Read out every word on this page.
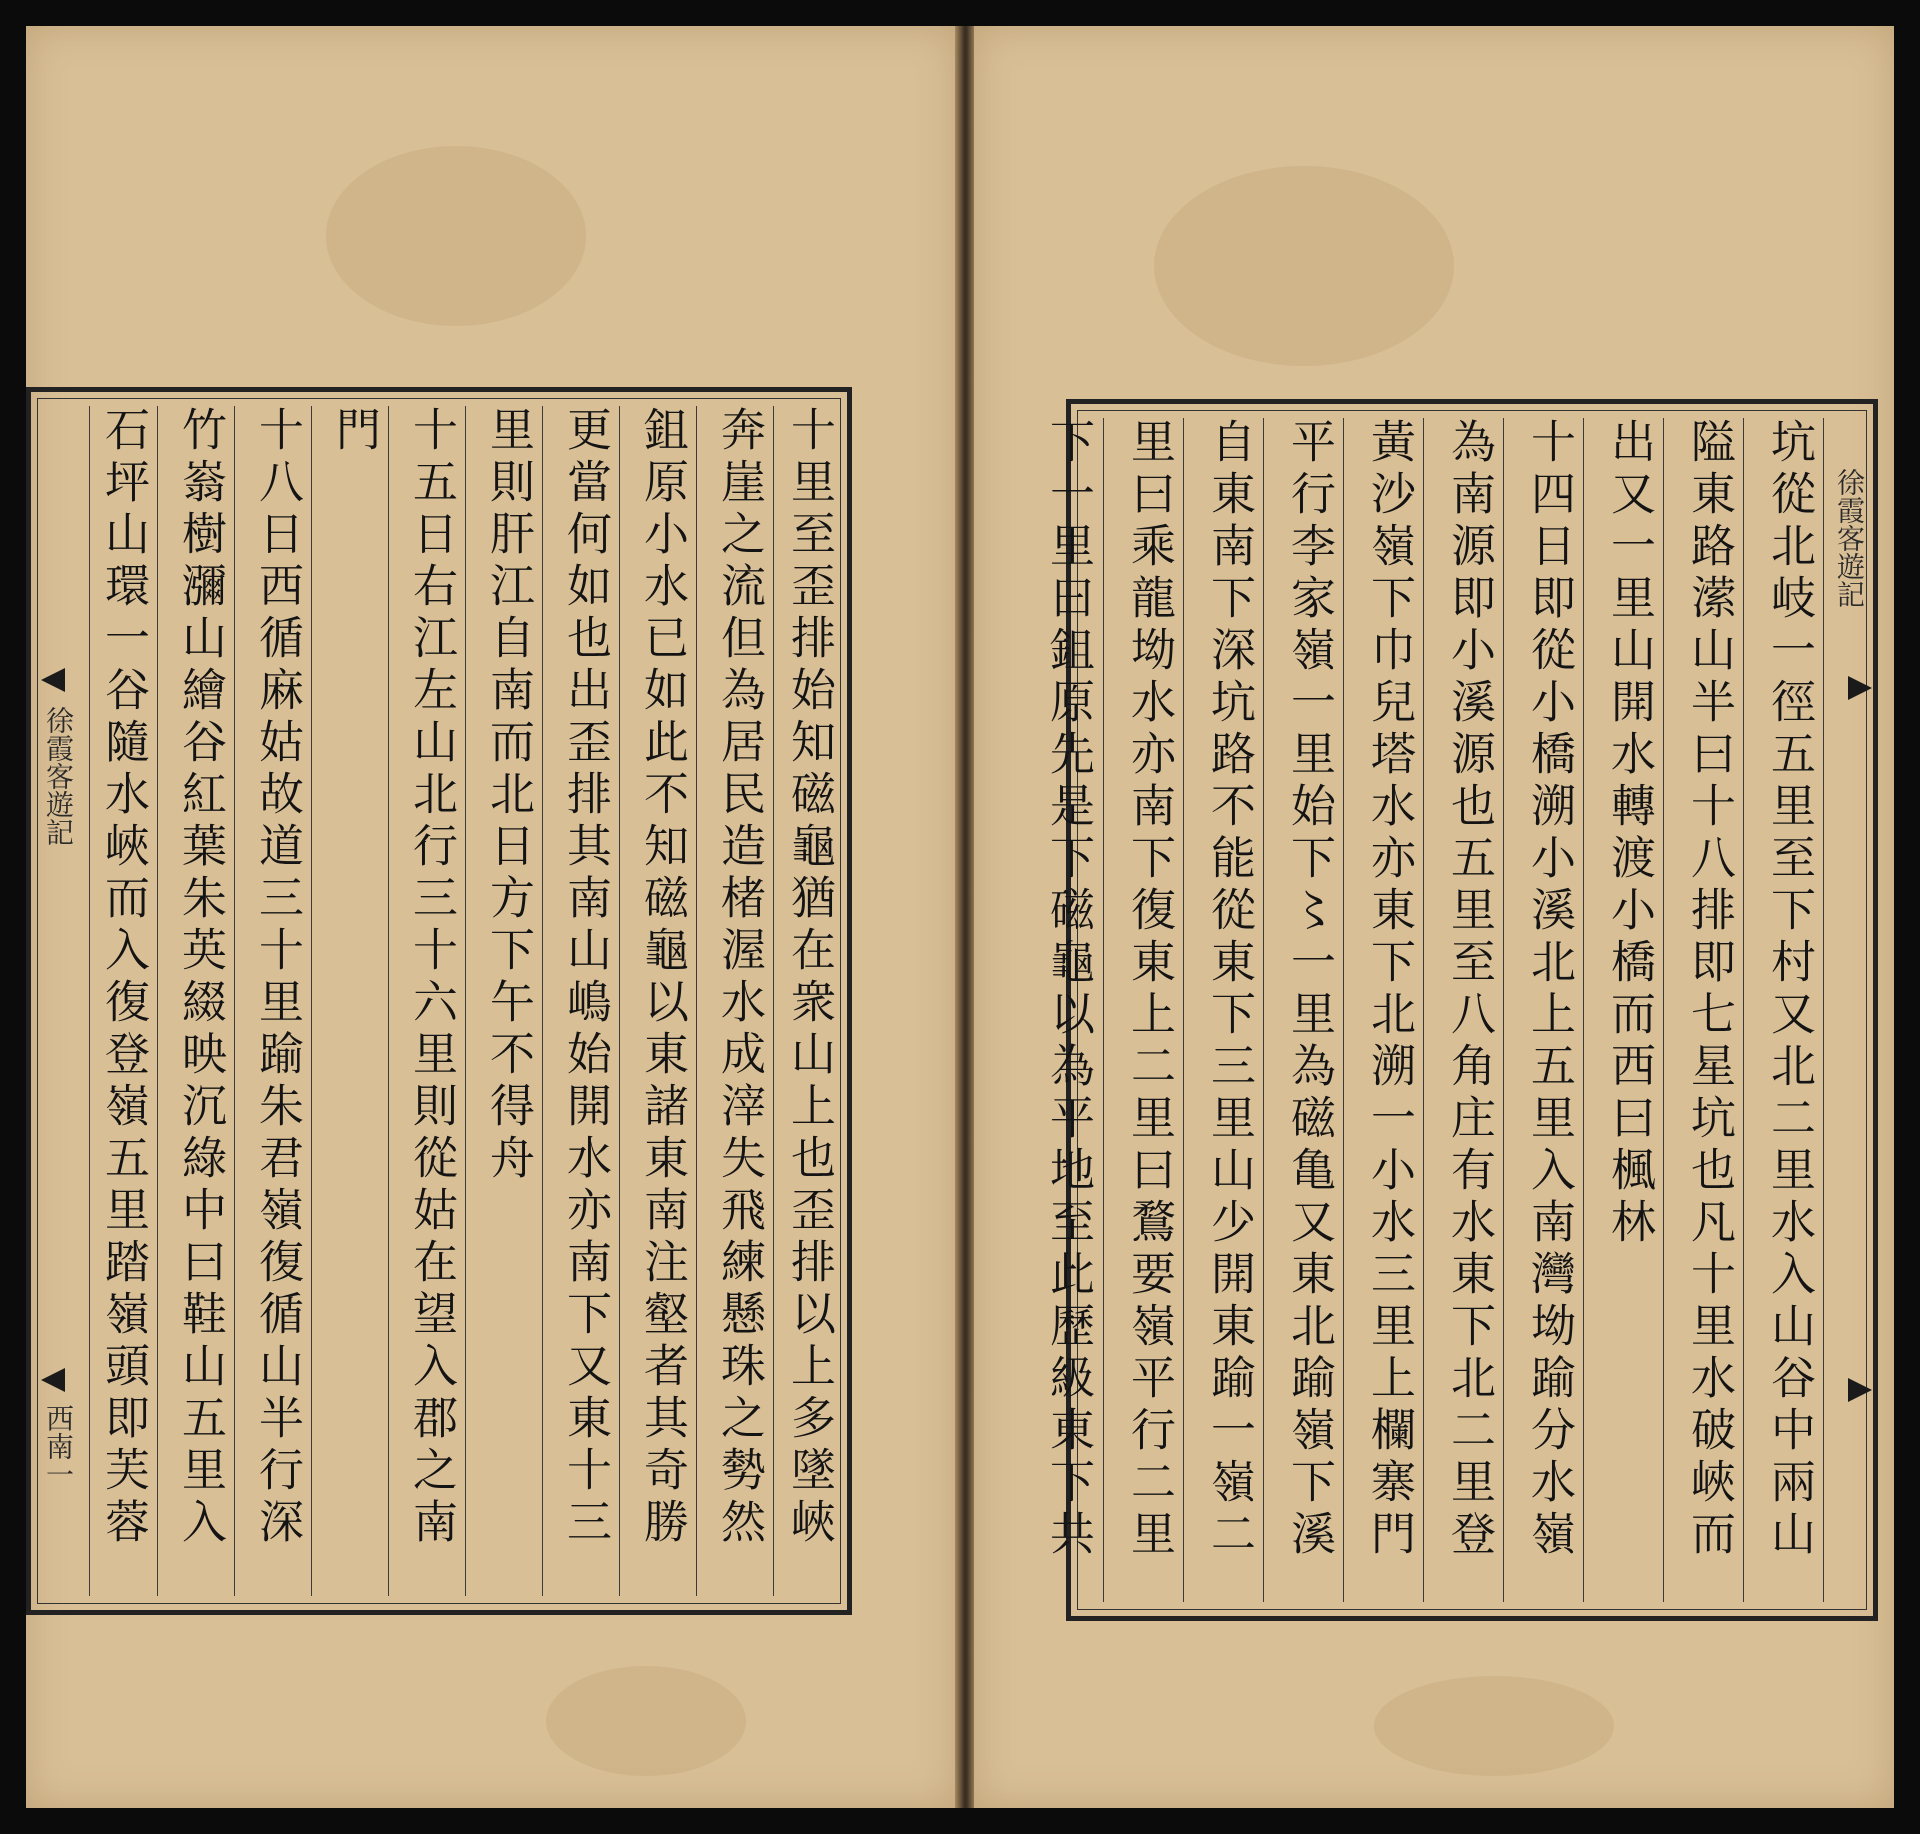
徐霞客遊記
西南一	十里至歪排始知磁龜猶在衆山上也歪排以上多墜峽
奔崖之流但為居民造楮渥水成滓失飛練懸珠之勢然
鉏原小水已如此不知磁龜以東諸東南注壑者其奇勝
更當何如也出歪排其南山嶋始開水亦南下又東十三
里則肝江自南而北日方下午不得舟
十五日右江左山北行三十六里則從姑在望入郡之南
門
十八日西循麻姑故道三十里踰朱君嶺復循山半行深
竹嵡樹瀰山繪谷紅葉朱英綴映沉綠中曰鞋山五里入
石坪山環一谷隨水峽而入復登嶺五里踏嶺頭即芙蓉	徐霞客遊記
坑從北岐一徑五里至下村又北二里水入山谷中兩山
隘東路潆山半曰十八排即七星坑也凡十里水破峽而
出又一里山開水轉渡小橋而西曰楓林
十四日即從小橋溯小溪北上五里入南灣坳踰分水嶺
為南源即小溪源也五里至八角庄有水東下北二里登
黃沙嶺下巾兒塔水亦東下北溯一小水三里上欄寨門
平行李家嶺一里始下〻一里為磁亀又東北踰嶺下溪
自東南下深坑路不能從東下三里山少開東踰一嶺二
里曰乘龍坳水亦南下復東上二里曰鶩要嶺平行二里
下一里曰鉏原先是下磁龜以為平地至此歷級東下共
